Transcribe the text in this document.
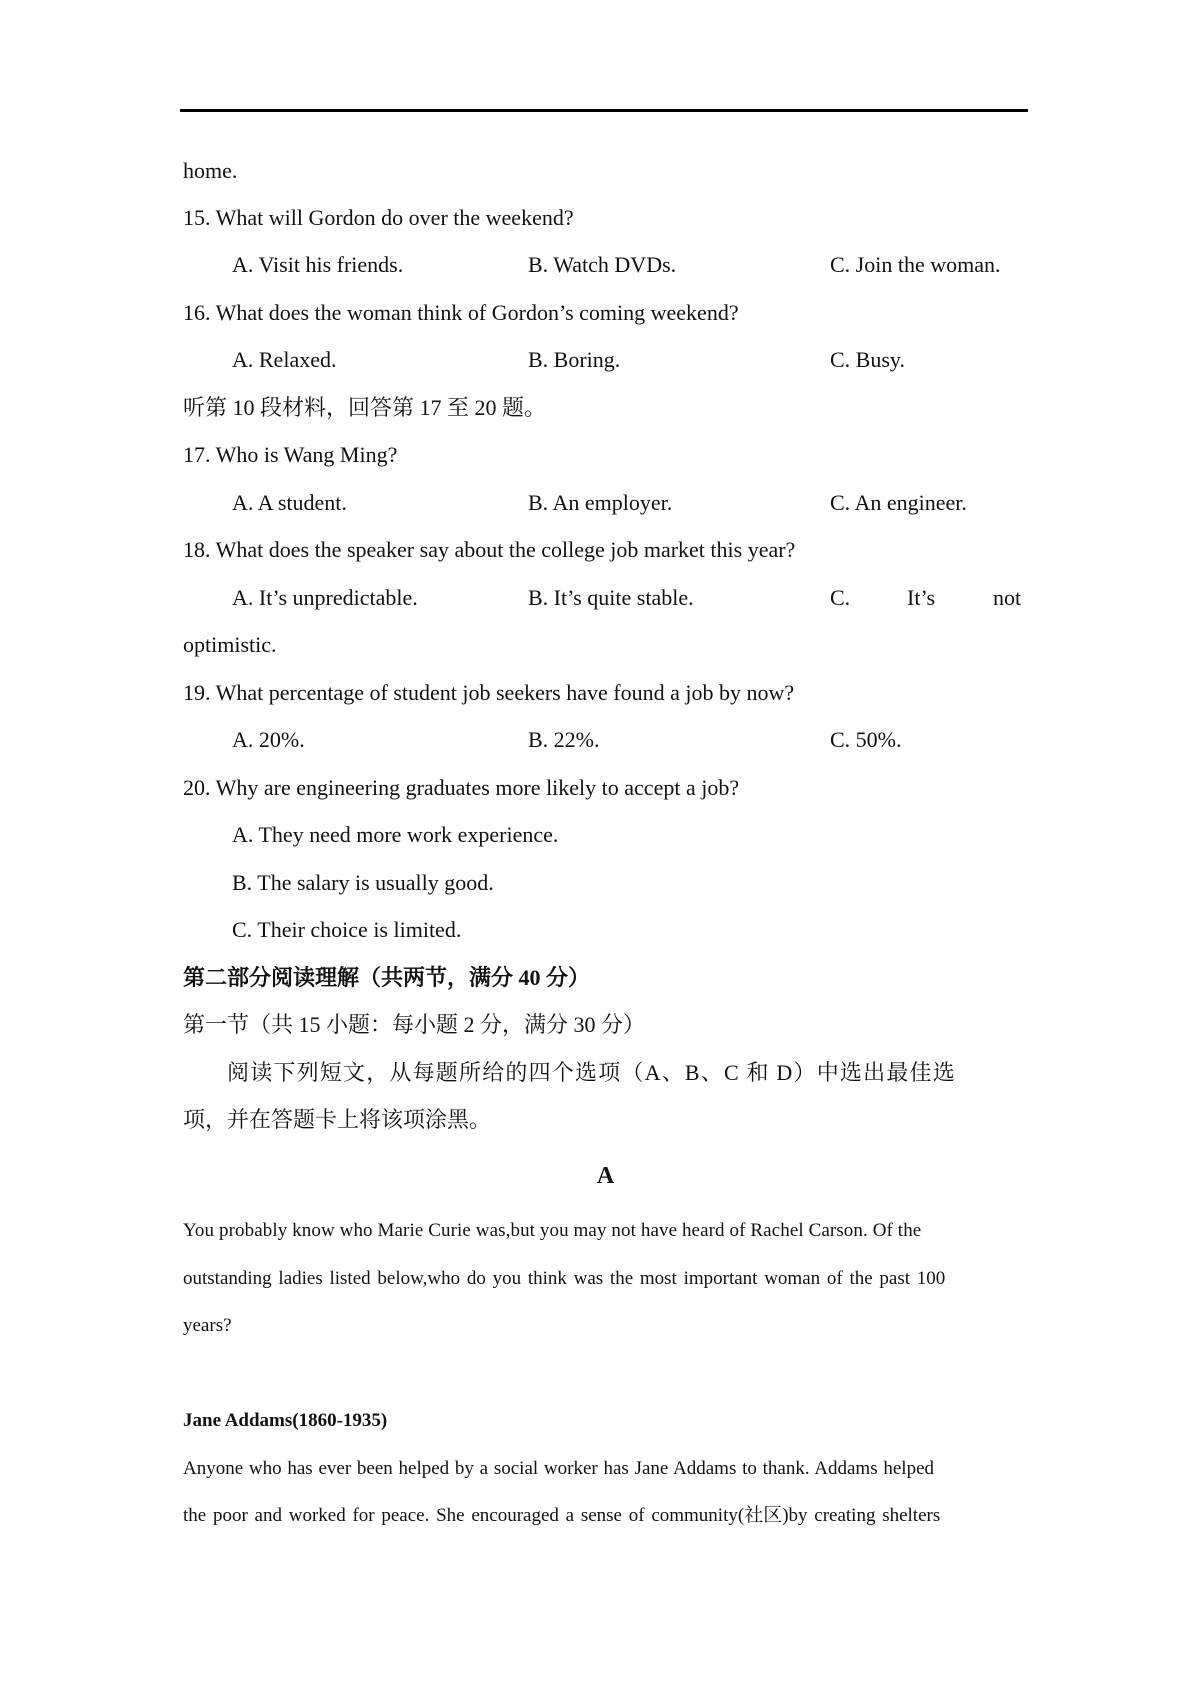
home.
15. What will Gordon do over the weekend?
A. Visit his friends.	B. Watch DVDs.	C. Join the woman.
16. What does the woman think of Gordon’s coming weekend?
A. Relaxed.	B. Boring.	C. Busy.
听第 10 段材料，回答第 17 至 20 题。
17. Who is Wang Ming?
A. A student.	B. An employer.	C. An engineer.
18. What does the speaker say about the college job market this year?
A. It’s unpredictable.	B. It’s quite stable.	C.	It’s	not
optimistic.
19. What percentage of student job seekers have found a job by now?
A. 20%.	B. 22%.	C. 50%.
20. Why are engineering graduates more likely to accept a job?
A. They need more work experience.
B. The salary is usually good.
C. Their choice is limited.
第二部分阅读理解（共两节，满分 40 分）
第一节（共 15 小题：每小题 2 分，满分 30 分）
阅读下列短文，从每题所给的四个选项（A、B、C 和 D）中选出最佳选
项，并在答题卡上将该项涂黑。
A
You probably know who Marie Curie was,but you may not have heard of Rachel Carson. Of the
outstanding ladies listed below,who do you think was the most important woman of the past 100
years?
Jane Addams(1860-1935)
Anyone who has ever been helped by a social worker has Jane Addams to thank. Addams helped
the poor and worked for peace. She encouraged a sense of community(社区)by creating shelters
